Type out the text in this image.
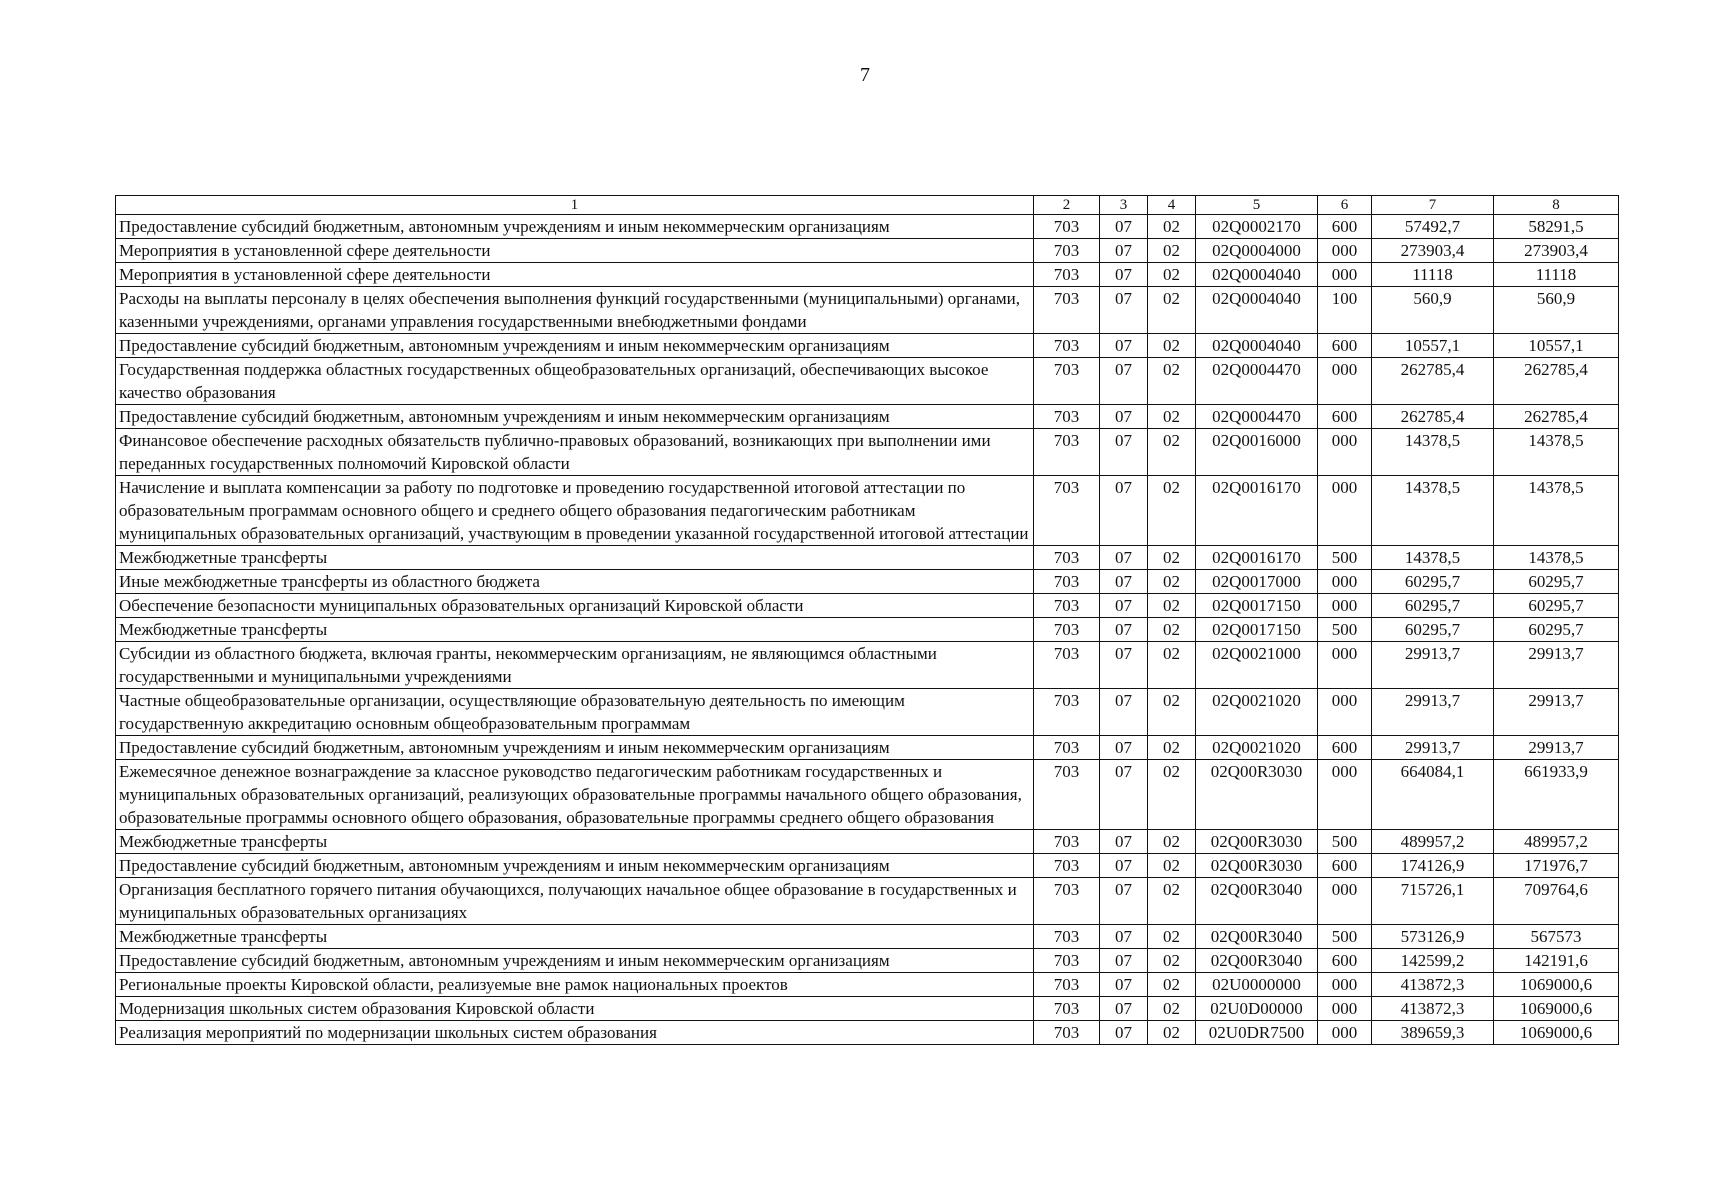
7
1	2	3	4	5	6	7	8
Предоставление субсидий бюджетным, автономным учреждениям и иным некоммерческим организациям	703	07	02	02Q0002170	600	57492,7	58291,5
Мероприятия в установленной сфере деятельности	703	07	02	02Q0004000	000	273903,4	273903,4
Мероприятия в установленной сфере деятельности	703	07	02	02Q0004040	000	11118	11118
Расходы на выплаты персоналу в целях обеспечения выполнения функций государственными (муниципальными) органами, казенными учреждениями, органами управления государственными внебюджетными фондами	703	07	02	02Q0004040	100	560,9	560,9
Предоставление субсидий бюджетным, автономным учреждениям и иным некоммерческим организациям	703	07	02	02Q0004040	600	10557,1	10557,1
Государственная поддержка областных государственных общеобразовательных организаций, обеспечивающих высокое качество образования	703	07	02	02Q0004470	000	262785,4	262785,4
Предоставление субсидий бюджетным, автономным учреждениям и иным некоммерческим организациям	703	07	02	02Q0004470	600	262785,4	262785,4
Финансовое обеспечение расходных обязательств публично-правовых образований, возникающих при выполнении ими переданных государственных полномочий Кировской области	703	07	02	02Q0016000	000	14378,5	14378,5
Начисление и выплата компенсации за работу по подготовке и проведению государственной итоговой аттестации по образовательным программам основного общего и среднего общего образования педагогическим работникам муниципальных образовательных организаций, участвующим в проведении указанной государственной итоговой аттестации	703	07	02	02Q0016170	000	14378,5	14378,5
Межбюджетные трансферты	703	07	02	02Q0016170	500	14378,5	14378,5
Иные межбюджетные трансферты из областного бюджета	703	07	02	02Q0017000	000	60295,7	60295,7
Обеспечение безопасности муниципальных образовательных организаций Кировской области	703	07	02	02Q0017150	000	60295,7	60295,7
Межбюджетные трансферты	703	07	02	02Q0017150	500	60295,7	60295,7
Субсидии из областного бюджета, включая гранты, некоммерческим организациям, не являющимся областными государственными и муниципальными учреждениями	703	07	02	02Q0021000	000	29913,7	29913,7
Частные общеобразовательные организации, осуществляющие образовательную деятельность по имеющим государственную аккредитацию основным общеобразовательным программам	703	07	02	02Q0021020	000	29913,7	29913,7
Предоставление субсидий бюджетным, автономным учреждениям и иным некоммерческим организациям	703	07	02	02Q0021020	600	29913,7	29913,7
Ежемесячное денежное вознаграждение за классное руководство педагогическим работникам государственных и муниципальных образовательных организаций, реализующих образовательные программы начального общего образования, образовательные программы основного общего образования, образовательные программы среднего общего образования	703	07	02	02Q00R3030	000	664084,1	661933,9
Межбюджетные трансферты	703	07	02	02Q00R3030	500	489957,2	489957,2
Предоставление субсидий бюджетным, автономным учреждениям и иным некоммерческим организациям	703	07	02	02Q00R3030	600	174126,9	171976,7
Организация бесплатного горячего питания обучающихся, получающих начальное общее образование в государственных и муниципальных образовательных организациях	703	07	02	02Q00R3040	000	715726,1	709764,6
Межбюджетные трансферты	703	07	02	02Q00R3040	500	573126,9	567573
Предоставление субсидий бюджетным, автономным учреждениям и иным некоммерческим организациям	703	07	02	02Q00R3040	600	142599,2	142191,6
Региональные проекты Кировской области, реализуемые вне рамок национальных проектов	703	07	02	02U0000000	000	413872,3	1069000,6
Модернизация школьных систем образования Кировской области	703	07	02	02U0D00000	000	413872,3	1069000,6
Реализация мероприятий по модернизации школьных систем образования	703	07	02	02U0DR7500	000	389659,3	1069000,6
